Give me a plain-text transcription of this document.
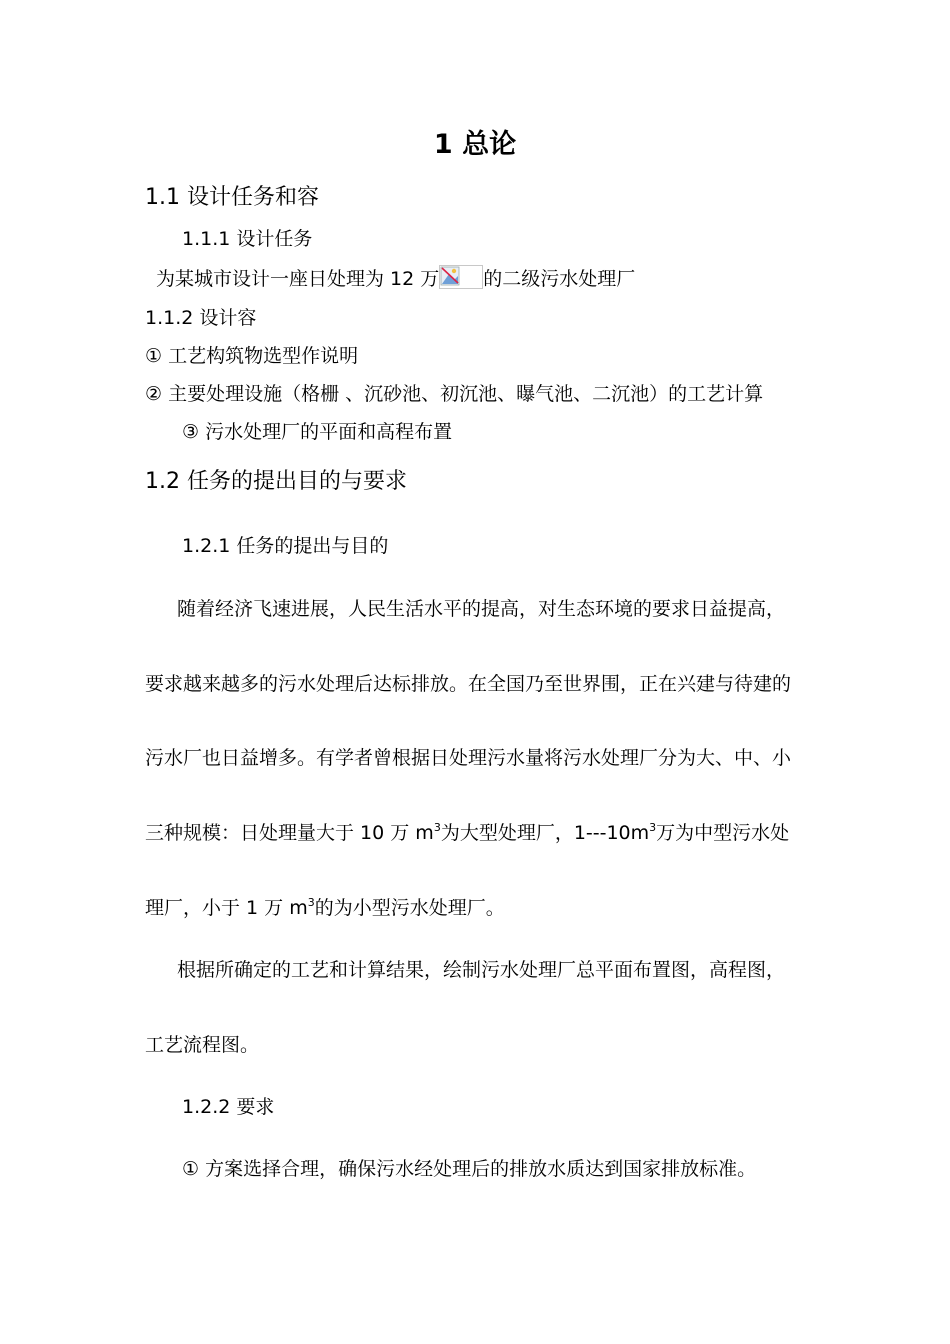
1 总论
1.1 设计任务和容
1.1.1 设计任务
为某城市设计一座日处理为 12 万 的二级污水处理厂
1.1.2 设计容
① 工艺构筑物选型作说明
② 主要处理设施（格栅 、沉砂池、初沉池、曝气池、二沉池）的工艺计算
③ 污水处理厂的平面和高程布置
1.2 任务的提出目的与要求
1.2.1 任务的提出与目的
随着经济飞速进展，人民生活水平的提高，对生态环境的要求日益提高，
要求越来越多的污水处理后达标排放。在全国乃至世界围，正在兴建与待建的
污水厂也日益增多。有学者曾根据日处理污水量将污水处理厂分为大、中、小
三种规模：日处理量大于 10 万 $m^3$为大型处理厂，$1---10m^3$万为中型污水处
理厂，小于 1 万 $m^3$的为小型污水处理厂。
根据所确定的工艺和计算结果，绘制污水处理厂总平面布置图，高程图，
工艺流程图。
1.2.2 要求
① 方案选择合理，确保污水经处理后的排放水质达到国家排放标准。
